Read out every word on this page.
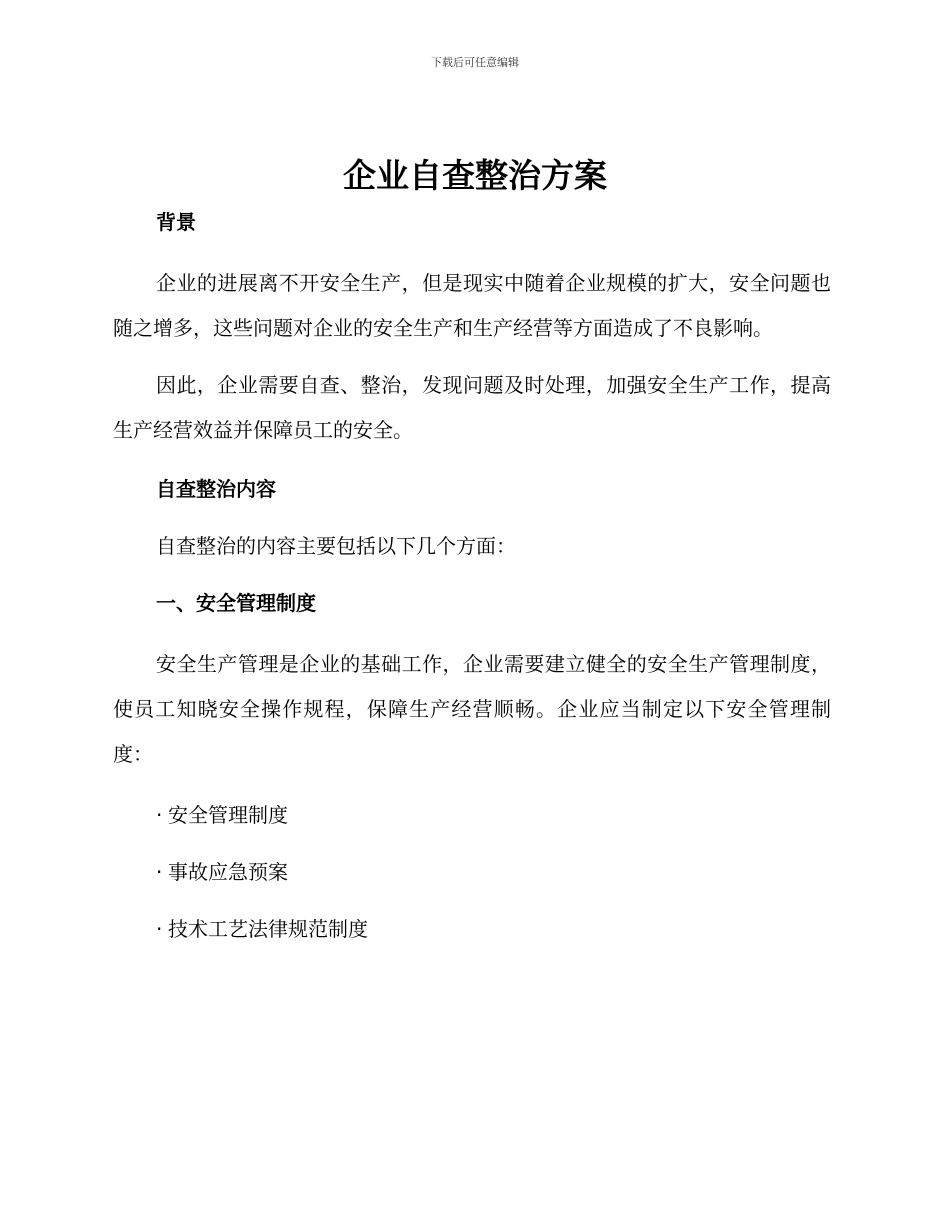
下载后可任意编辑
企业自查整治方案
背景

企业的进展离不开安全生产，但是现实中随着企业规模的扩大，安全问题也随之增多，这些问题对企业的安全生产和生产经营等方面造成了不良影响。

因此，企业需要自查、整治，发现问题及时处理，加强安全生产工作，提高生产经营效益并保障员工的安全。

自查整治内容
自查整治的内容主要包括以下几个方面：
一、安全管理制度

安全生产管理是企业的基础工作，企业需要建立健全的安全生产管理制度，使员工知晓安全操作规程，保障生产经营顺畅。企业应当制定以下安全管理制度：

· 安全管理制度
· 事故应急预案
· 技术工艺法律规范制度
